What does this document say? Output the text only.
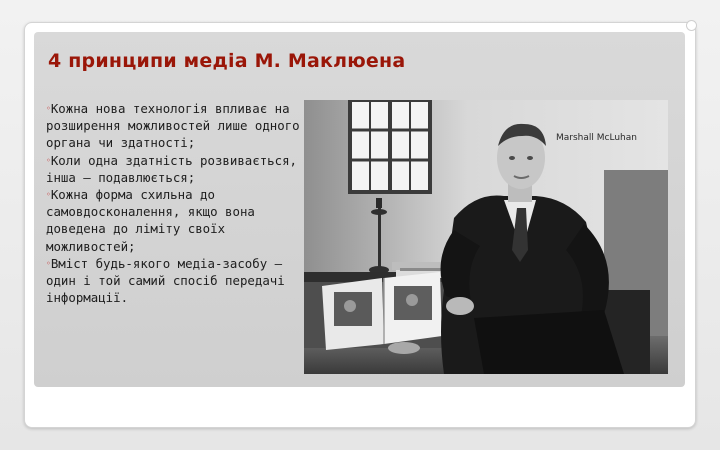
4 принципи медіа М. Маклюена
◦Кожна нова технологія впливає на розширення можливостей лише одного органа чи здатності;
◦Коли одна здатність розвивається, інша – подавлюється;
◦Кожна форма схильна до самовдосконалення, якщо вона доведена до ліміту своїх можливостей;
◦Вміст будь-якого медіа-засобу – один і той самий спосіб передачі інформації.
Marshall McLuhan
